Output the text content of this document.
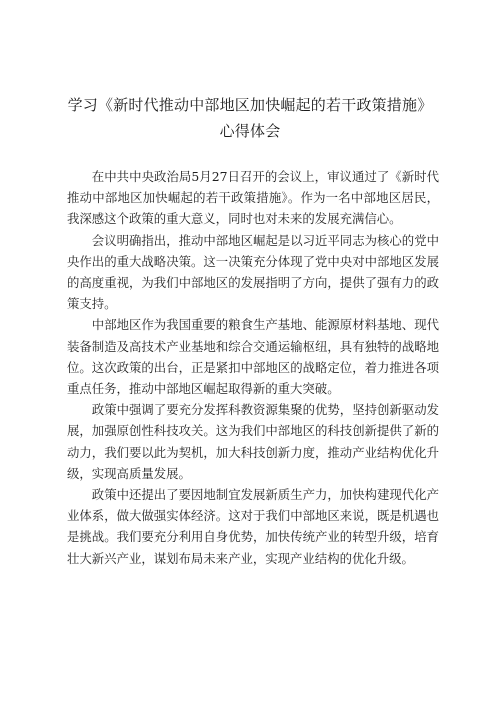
学习《新时代推动中部地区加快崛起的若干政策措施》
心得体会

在中共中央政治局5月27日召开的会议上，审议通过了《新时代推动中部地区加快崛起的若干政策措施》。作为一名中部地区居民，我深感这个政策的重大意义，同时也对未来的发展充满信心。

会议明确指出，推动中部地区崛起是以习近平同志为核心的党中央作出的重大战略决策。这一决策充分体现了党中央对中部地区发展的高度重视，为我们中部地区的发展指明了方向，提供了强有力的政策支持。

中部地区作为我国重要的粮食生产基地、能源原材料基地、现代装备制造及高技术产业基地和综合交通运输枢纽，具有独特的战略地位。这次政策的出台，正是紧扣中部地区的战略定位，着力推进各项重点任务，推动中部地区崛起取得新的重大突破。

政策中强调了要充分发挥科教资源集聚的优势，坚持创新驱动发展，加强原创性科技攻关。这为我们中部地区的科技创新提供了新的动力，我们要以此为契机，加大科技创新力度，推动产业结构优化升级，实现高质量发展。

政策中还提出了要因地制宜发展新质生产力，加快构建现代化产业体系，做大做强实体经济。这对于我们中部地区来说，既是机遇也是挑战。我们要充分利用自身优势，加快传统产业的转型升级，培育壮大新兴产业，谋划布局未来产业，实现产业结构的优化升级。
